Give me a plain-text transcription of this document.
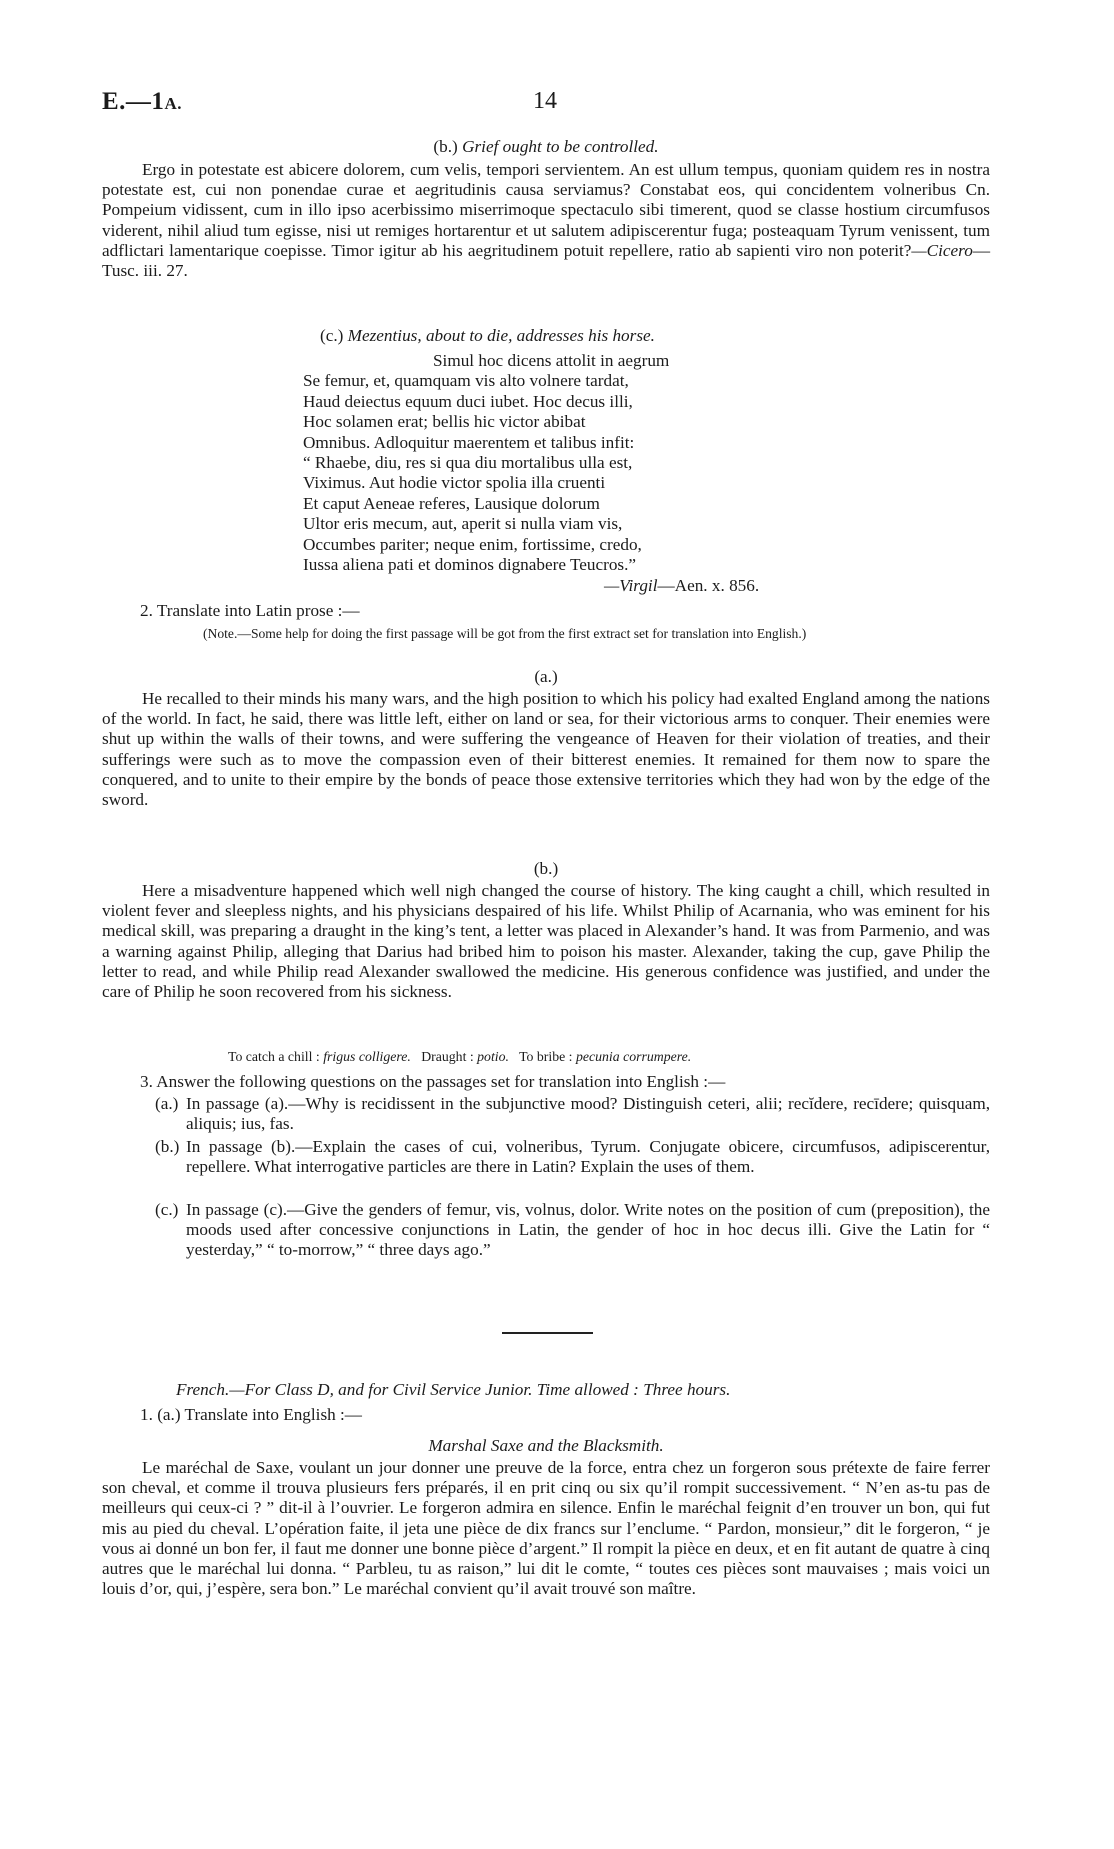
E.—1A.	14
(b.) Grief ought to be controlled.
Ergo in potestate est abicere dolorem, cum velis, tempori servientem. An est ullum tempus, quoniam quidem res in nostra potestate est, cui non ponendae curae et aegritudinis causa serviamus? Constabat eos, qui concidentem volneribus Cn. Pompeium vidissent, cum in illo ipso acerbissimo miserrimoque spectaculo sibi timerent, quod se classe hostium circumfusos viderent, nihil aliud tum egisse, nisi ut remiges hortarentur et ut salutem adipiscerentur fuga; posteaquam Tyrum venissent, tum adflictari lamentarique coepisse. Timor igitur ab his aegritudinem potuit repellere, ratio ab sapienti viro non poterit?—Cicero—Tusc. iii. 27.
(c.) Mezentius, about to die, addresses his horse.
Simul hoc dicens attolit in aegrum
Se femur, et, quamquam vis alto volnere tardat,
Haud deiectus equum duci iubet. Hoc decus illi,
Hoc solamen erat; bellis hic victor abibat
Omnibus. Adloquitur maerentem et talibus infit:
“ Rhaebe, diu, res si qua diu mortalibus ulla est,
Viximus. Aut hodie victor spolia illa cruenti
Et caput Aeneae referes, Lausique dolorum
Ultor eris mecum, aut, aperit si nulla viam vis,
Occumbes pariter; neque enim, fortissime, credo,
Iussa aliena pati et dominos dignabere Teucros.”
—Virgil—Aen. x. 856.
2. Translate into Latin prose :—
(Note.—Some help for doing the first passage will be got from the first extract set for translation into English.)
(a.)
He recalled to their minds his many wars, and the high position to which his policy had exalted England among the nations of the world. In fact, he said, there was little left, either on land or sea, for their victorious arms to conquer. Their enemies were shut up within the walls of their towns, and were suffering the vengeance of Heaven for their violation of treaties, and their sufferings were such as to move the compassion even of their bitterest enemies. It remained for them now to spare the conquered, and to unite to their empire by the bonds of peace those extensive territories which they had won by the edge of the sword.
(b.)
Here a misadventure happened which well nigh changed the course of history. The king caught a chill, which resulted in violent fever and sleepless nights, and his physicians despaired of his life. Whilst Philip of Acarnania, who was eminent for his medical skill, was preparing a draught in the king’s tent, a letter was placed in Alexander’s hand. It was from Parmenio, and was a warning against Philip, alleging that Darius had bribed him to poison his master. Alexander, taking the cup, gave Philip the letter to read, and while Philip read Alexander swallowed the medicine. His generous confidence was justified, and under the care of Philip he soon recovered from his sickness.
To catch a chill : frigus colligere. Draught : potio. To bribe : pecunia corrumpere.
3. Answer the following questions on the passages set for translation into English :—
(a.) In passage (a).—Why is recidissent in the subjunctive mood? Distinguish ceteri, alii; recĭdere, recīdere; quisquam, aliquis; ius, fas.
(b.) In passage (b).—Explain the cases of cui, volneribus, Tyrum. Conjugate obicere, circumfusos, adipiscerentur, repellere. What interrogative particles are there in Latin? Explain the uses of them.
(c.) In passage (c).—Give the genders of femur, vis, volnus, dolor. Write notes on the position of cum (preposition), the moods used after concessive conjunctions in Latin, the gender of hoc in hoc decus illi. Give the Latin for “ yesterday,” “ to-morrow,” “ three days ago.”
French.—For Class D, and for Civil Service Junior. Time allowed : Three hours.
1. (a.) Translate into English :—
Marshal Saxe and the Blacksmith.
Le maréchal de Saxe, voulant un jour donner une preuve de la force, entra chez un forgeron sous prétexte de faire ferrer son cheval, et comme il trouva plusieurs fers préparés, il en prit cinq ou six qu’il rompit successivement. “ N’en as-tu pas de meilleurs qui ceux-ci ? ” dit-il à l’ouvrier. Le forgeron admira en silence. Enfin le maréchal feignit d’en trouver un bon, qui fut mis au pied du cheval. L’opération faite, il jeta une pièce de dix francs sur l’enclume. “ Pardon, monsieur,” dit le forgeron, “ je vous ai donné un bon fer, il faut me donner une bonne pièce d’argent.” Il rompit la pièce en deux, et en fit autant de quatre à cinq autres que le maréchal lui donna. “ Parbleu, tu as raison,” lui dit le comte, “ toutes ces pièces sont mauvaises ; mais voici un louis d’or, qui, j’espère, sera bon.” Le maréchal convient qu’il avait trouvé son maître.
